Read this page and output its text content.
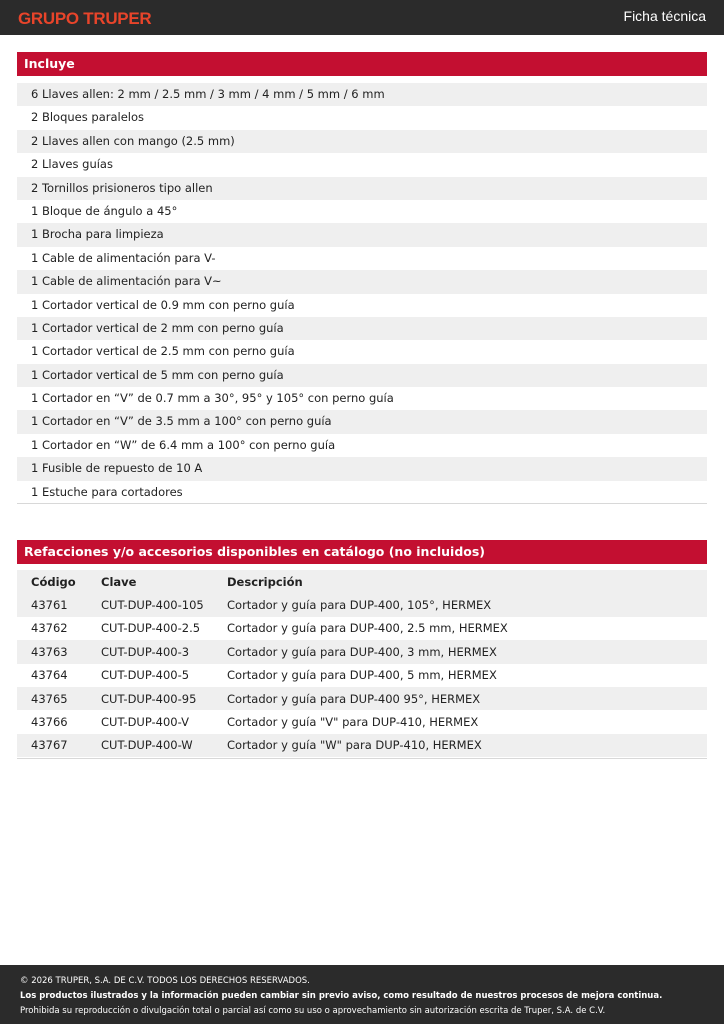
GRUPO TRUPER	Ficha técnica
Incluye
6 Llaves allen: 2 mm / 2.5 mm / 3 mm / 4 mm / 5 mm / 6 mm
2 Bloques paralelos
2 Llaves allen con mango (2.5 mm)
2 Llaves guías
2 Tornillos prisioneros tipo allen
1 Bloque de ángulo a 45°
1 Brocha para limpieza
1 Cable de alimentación para V-
1 Cable de alimentación para V~
1 Cortador vertical de 0.9 mm con perno guía
1 Cortador vertical de 2 mm con perno guía
1 Cortador vertical de 2.5 mm con perno guía
1 Cortador vertical de 5 mm con perno guía
1 Cortador en “V” de 0.7 mm a 30°, 95° y 105° con perno guía
1 Cortador en “V” de 3.5 mm a 100° con perno guía
1 Cortador en “W” de 6.4 mm a 100° con perno guía
1 Fusible de repuesto de 10 A
1 Estuche para cortadores
Refacciones y/o accesorios disponibles en catálogo (no incluidos)
Código	Clave	Descripción
43761	CUT-DUP-400-105	Cortador y guía para DUP-400, 105°, HERMEX
43762	CUT-DUP-400-2.5	Cortador y guía para DUP-400, 2.5 mm, HERMEX
43763	CUT-DUP-400-3	Cortador y guía para DUP-400, 3 mm, HERMEX
43764	CUT-DUP-400-5	Cortador y guía para DUP-400, 5 mm, HERMEX
43765	CUT-DUP-400-95	Cortador y guía para DUP-400 95°, HERMEX
43766	CUT-DUP-400-V	Cortador y guía "V" para DUP-410, HERMEX
43767	CUT-DUP-400-W	Cortador y guía "W" para DUP-410, HERMEX
© 2026 TRUPER, S.A. DE C.V. TODOS LOS DERECHOS RESERVADOS.
Los productos ilustrados y la información pueden cambiar sin previo aviso, como resultado de nuestros procesos de mejora continua.
Prohibida su reproducción o divulgación total o parcial así como su uso o aprovechamiento sin autorización escrita de Truper, S.A. de C.V.
